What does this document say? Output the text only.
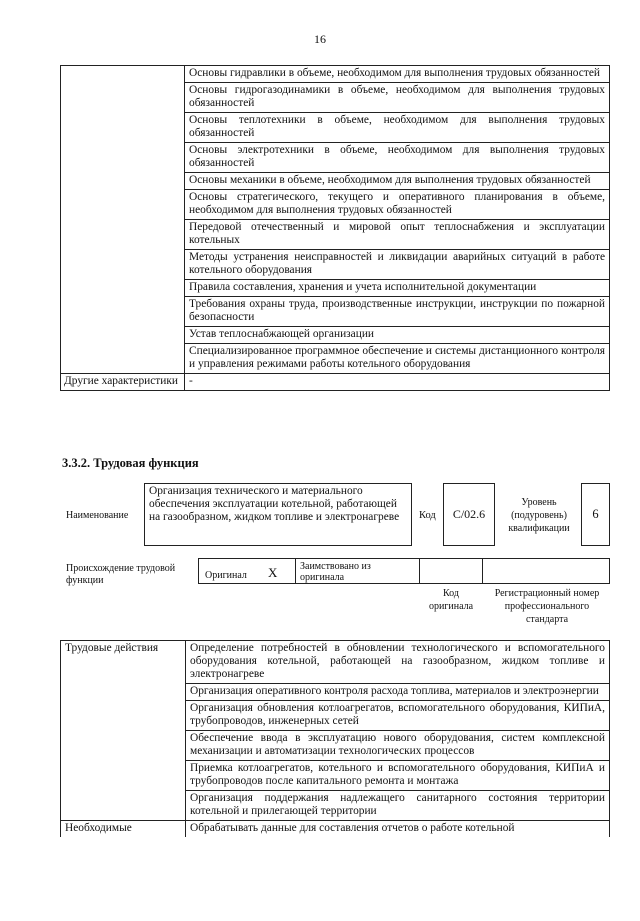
16
	Основы гидравлики в объеме, необходимом для выполнения трудовых обязанностей
	Основы гидрогазодинамики в объеме, необходимом для выполнения трудовых обязанностей
	Основы теплотехники в объеме, необходимом для выполнения трудовых обязанностей
	Основы электротехники в объеме, необходимом для выполнения трудовых обязанностей
	Основы механики в объеме, необходимом для выполнения трудовых обязанностей
	Основы стратегического, текущего и оперативного планирования в объеме, необходимом для выполнения трудовых обязанностей
	Передовой отечественный и мировой опыт теплоснабжения и эксплуатации котельных
	Методы устранения неисправностей и ликвидации аварийных ситуаций в работе котельного оборудования
	Правила составления, хранения и учета исполнительной документации
	Требования охраны труда, производственные инструкции, инструкции по пожарной безопасности
	Устав теплоснабжающей организации
	Специализированное программное обеспечение и системы дистанционного контроля и управления режимами работы котельного оборудования
Другие характеристики	-
3.3.2. Трудовая функция
Наименование
Организация технического и материального обеспечения эксплуатации котельной, работающей на газообразном, жидком топливе и электронагреве	Код	C/02.6
Уровень (подуровень) квалификации
6
Происхождение трудовой функции	Оригинал X Заимствовано из оригинала
Код оригинала
Регистрационный номер профессионального стандарта
Трудовые действия	Определение потребностей в обновлении технологического и вспомогательного оборудования котельной, работающей на газообразном, жидком топливе и электронагреве
	Организация оперативного контроля расхода топлива, материалов и электроэнергии
	Организация обновления котлоагрегатов, вспомогательного оборудования, КИПиА, трубопроводов, инженерных сетей
	Обеспечение ввода в эксплуатацию нового оборудования, систем комплексной механизации и автоматизации технологических процессов
	Приемка котлоагрегатов, котельного и вспомогательного оборудования, КИПиА и трубопроводов после капитального ремонта и монтажа
	Организация поддержания надлежащего санитарного состояния территории котельной и прилегающей территории
Необходимые	Обрабатывать данные для составления отчетов о работе котельной
